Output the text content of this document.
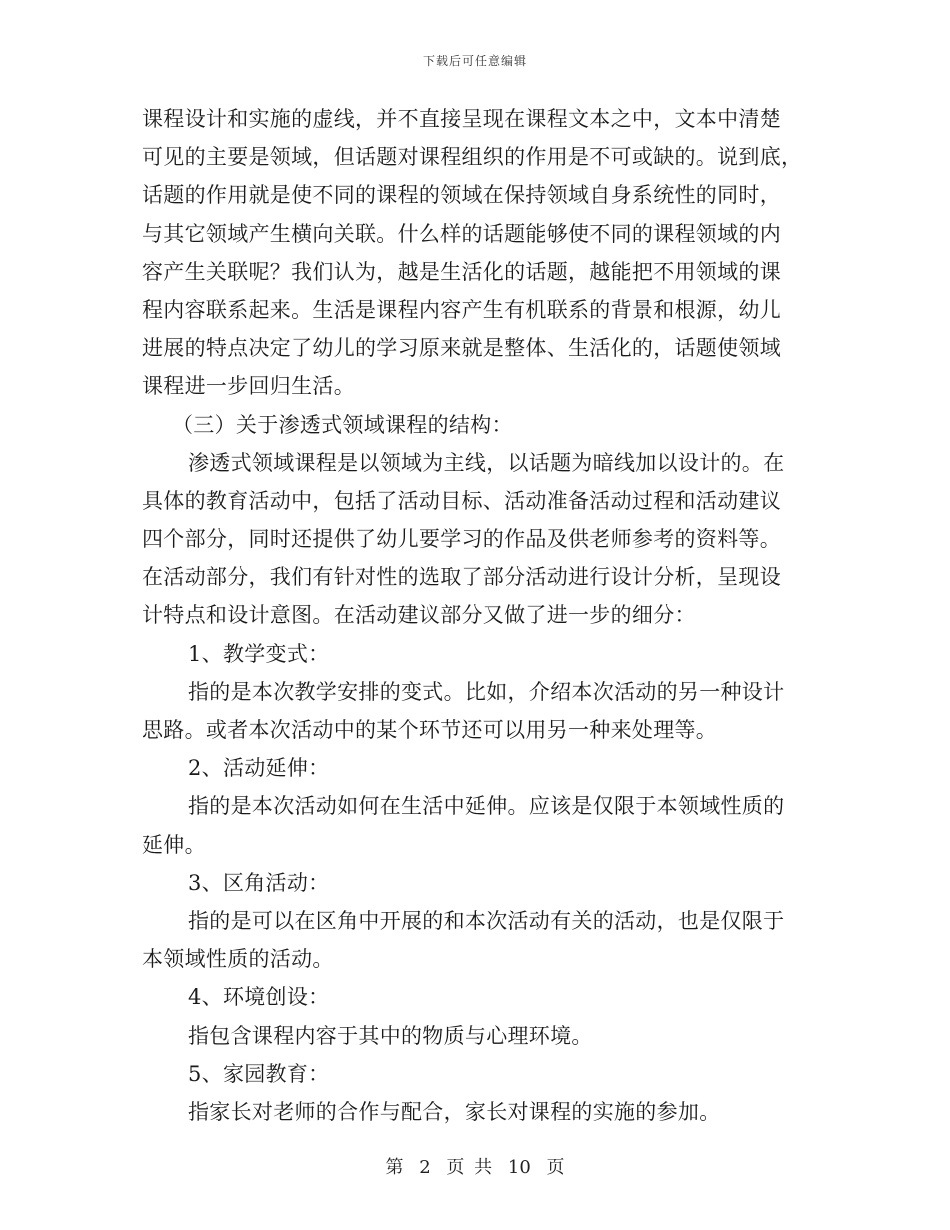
下载后可任意编辑
课程设计和实施的虚线，并不直接呈现在课程文本之中，文本中清楚
可见的主要是领域，但话题对课程组织的作用是不可或缺的。说到底，
话题的作用就是使不同的课程的领域在保持领域自身系统性的同时，
与其它领域产生横向关联。什么样的话题能够使不同的课程领域的内
容产生关联呢？我们认为，越是生活化的话题，越能把不用领域的课
程内容联系起来。生活是课程内容产生有机联系的背景和根源，幼儿
进展的特点决定了幼儿的学习原来就是整体、生活化的，话题使领域
课程进一步回归生活。
（三）关于渗透式领域课程的结构：
渗透式领域课程是以领域为主线，以话题为暗线加以设计的。在
具体的教育活动中，包括了活动目标、活动准备活动过程和活动建议
四个部分，同时还提供了幼儿要学习的作品及供老师参考的资料等。
在活动部分，我们有针对性的选取了部分活动进行设计分析，呈现设
计特点和设计意图。在活动建议部分又做了进一步的细分：
1、教学变式：
指的是本次教学安排的变式。比如，介绍本次活动的另一种设计
思路。或者本次活动中的某个环节还可以用另一种来处理等。
2、活动延伸：
指的是本次活动如何在生活中延伸。应该是仅限于本领域性质的
延伸。
3、区角活动：
指的是可以在区角中开展的和本次活动有关的活动，也是仅限于
本领域性质的活动。
4、环境创设：
指包含课程内容于其中的物质与心理环境。
5、家园教育：
指家长对老师的合作与配合，家长对课程的实施的参加。
第 2 页 共 10 页
